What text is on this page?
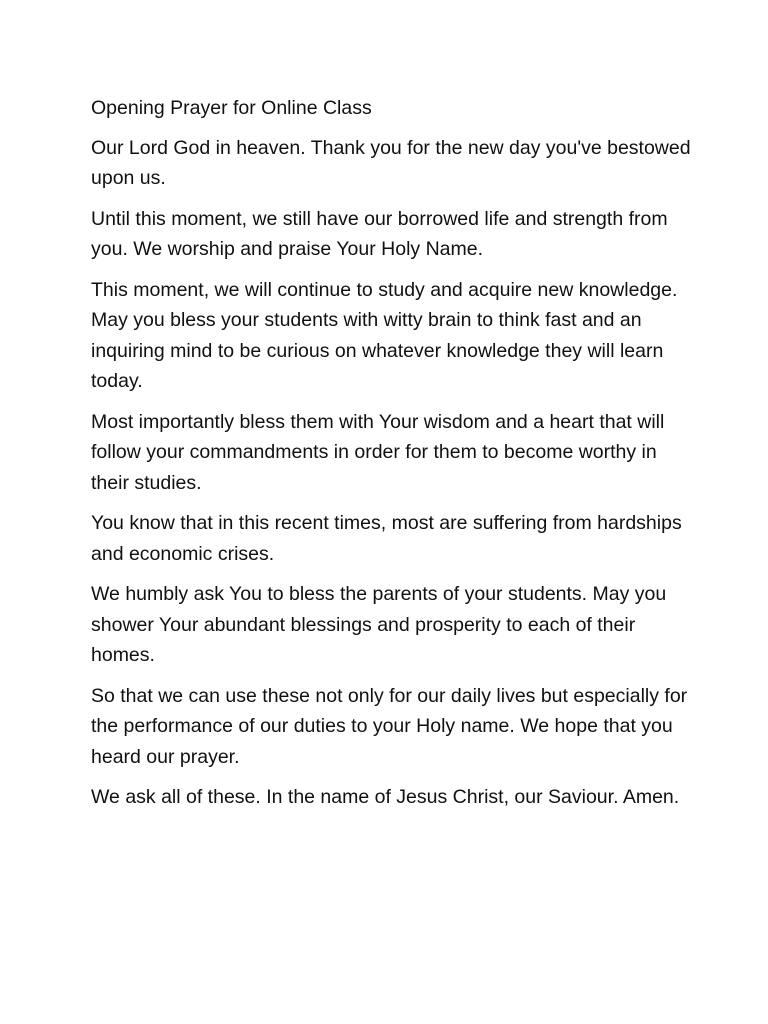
Opening Prayer for Online Class

Our Lord God in heaven. Thank you for the new day you've bestowed upon us.

Until this moment, we still have our borrowed life and strength from you. We worship and praise Your Holy Name.

This moment, we will continue to study and acquire new knowledge. May you bless your students with witty brain to think fast and an inquiring mind to be curious on whatever knowledge they will learn today.

Most importantly bless them with Your wisdom and a heart that will follow your commandments in order for them to become worthy in their studies.

You know that in this recent times, most are suffering from hardships and economic crises.

We humbly ask You to bless the parents of your students. May you shower Your abundant blessings and prosperity to each of their homes.

So that we can use these not only for our daily lives but especially for the performance of our duties to your Holy name. We hope that you heard our prayer.

We ask all of these. In the name of Jesus Christ, our Saviour. Amen.
